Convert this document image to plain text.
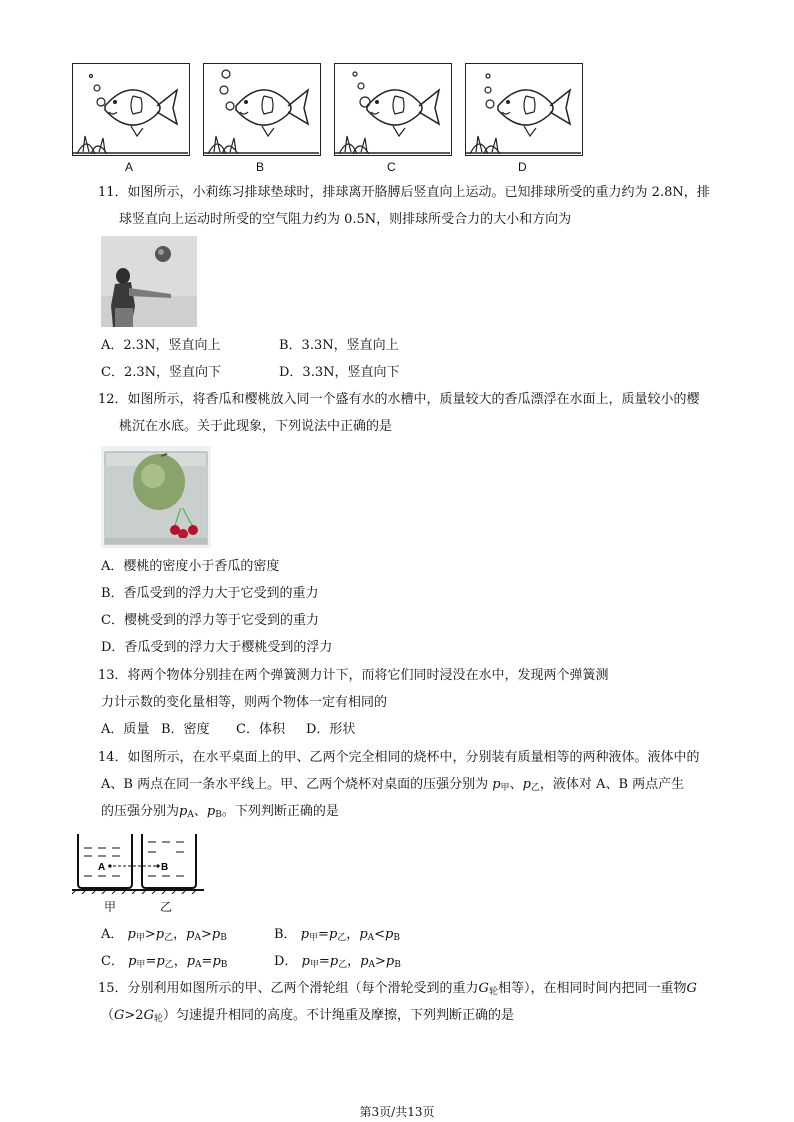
A	B	C	D
11．如图所示，小莉练习排球垫球时，排球离开胳膊后竖直向上运动。已知排球所受的重力约为 2.8N，排
球竖直向上运动时所受的空气阻力约为 0.5N，则排球所受合力的大小和方向为
A．2.3N，竖直向上	B．3.3N，竖直向上
C．2.3N，竖直向下	D．3.3N，竖直向下
12．如图所示，将香瓜和樱桃放入同一个盛有水的水槽中，质量较大的香瓜漂浮在水面上，质量较小的樱
桃沉在水底。关于此现象，下列说法中正确的是
A．樱桃的密度小于香瓜的密度
B．香瓜受到的浮力大于它受到的重力
C．樱桃受到的浮力等于它受到的重力
D．香瓜受到的浮力大于樱桃受到的浮力
13．将两个物体分别挂在两个弹簧测力计下，而将它们同时浸没在水中，发现两个弹簧测
力计示数的变化量相等，则两个物体一定有相同的
A．质量 B．密度 C．体积 D．形状
14．如图所示，在水平桌面上的甲、乙两个完全相同的烧杯中，分别装有质量相等的两种液体。液体中的
A、B 两点在同一条水平线上。甲、乙两个烧杯对桌面的压强分别为 $p_甲$、$p_乙$，液体对 A、B 两点产生
的压强分别为$p_A$、$p_B$。下列判断正确的是
A	B
甲	乙
A． $p_甲>p_乙$，$p_A>p_B$	B． $p_甲=p_乙$，$p_A<p_B$
C． $p_甲=p_乙$，$p_A=p_B$	D． $p_甲=p_乙$，$p_A>p_B$
15．分别利用如图所示的甲、乙两个滑轮组（每个滑轮受到的重力$G_轮$相等），在相同时间内把同一重物G
$(G>2G_轮)$匀速提升相同的高度。不计绳重及摩擦，下列判断正确的是
第3页/共13页
